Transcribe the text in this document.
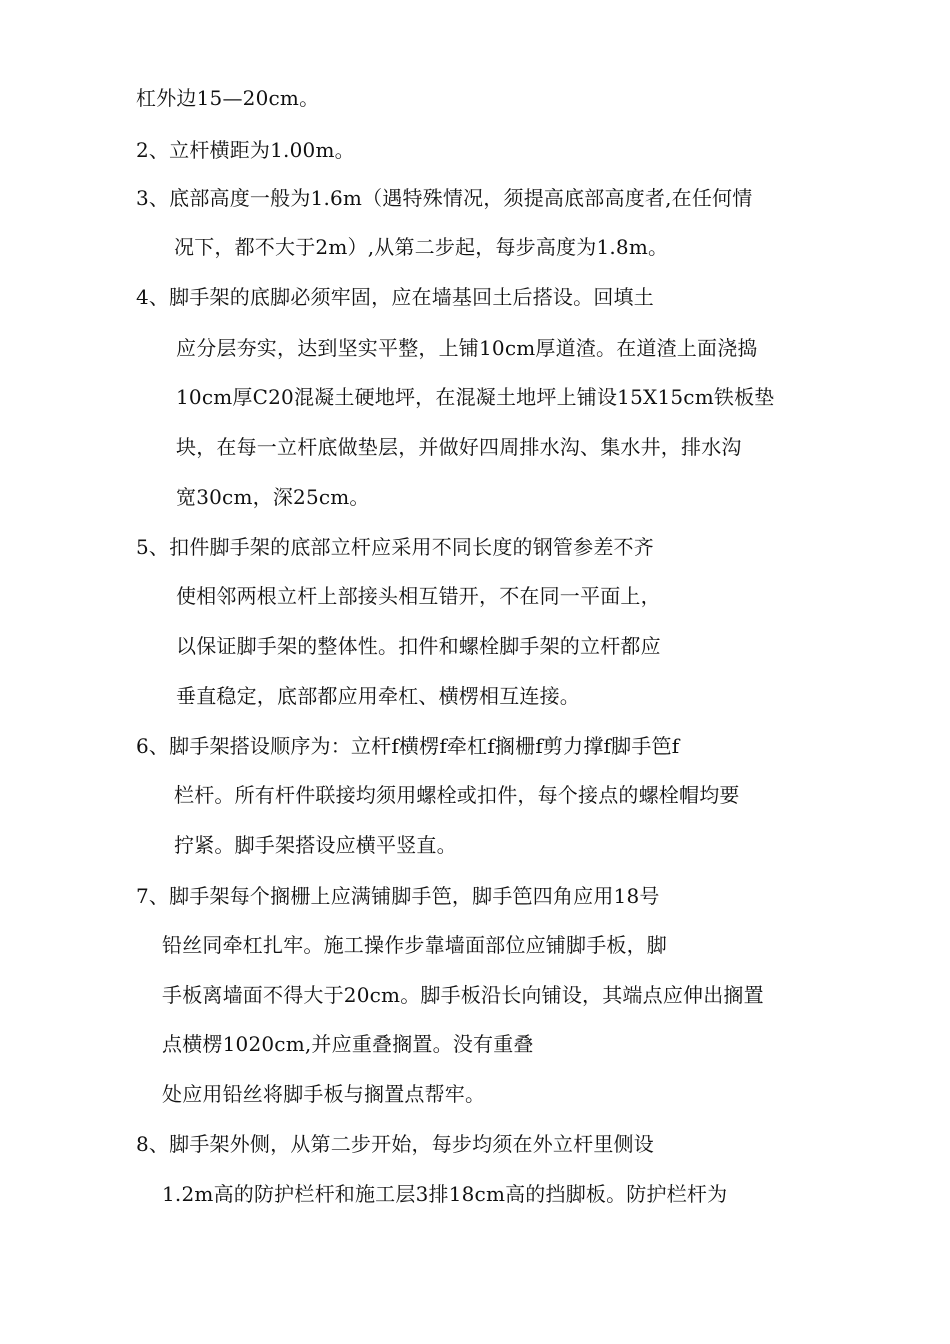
杠外边15—20cm。
2、立杆横距为1.00m。
3、底部高度一般为1.6m（遇特殊情况，须提高底部高度者,在任何情
况下，都不大于2m）,从第二步起，每步高度为1.8m。
4、脚手架的底脚必须牢固，应在墙基回土后搭设。回填土
应分层夯实，达到坚实平整，上铺10cm厚道渣。在道渣上面浇捣
10cm厚C20混凝土硬地坪，在混凝土地坪上铺设15X15cm铁板垫
块，在每一立杆底做垫层，并做好四周排水沟、集水井，排水沟
宽30cm，深25cm。
5、扣件脚手架的底部立杆应采用不同长度的钢管参差不齐
使相邻两根立杆上部接头相互错开，不在同一平面上，
以保证脚手架的整体性。扣件和螺栓脚手架的立杆都应
垂直稳定，底部都应用牵杠、横楞相互连接。
6、脚手架搭设顺序为：立杆f横楞f牵杠f搁栅f剪力撑f脚手笆f
栏杆。所有杆件联接均须用螺栓或扣件，每个接点的螺栓帽均要
拧紧。脚手架搭设应横平竖直。
7、脚手架每个搁栅上应满铺脚手笆，脚手笆四角应用18号
铅丝同牵杠扎牢。施工操作步靠墙面部位应铺脚手板，脚
手板离墙面不得大于20cm。脚手板沿长向铺设，其端点应伸出搁置
点横楞1020cm,并应重叠搁置。没有重叠
处应用铅丝将脚手板与搁置点帮牢。
8、脚手架外侧，从第二步开始，每步均须在外立杆里侧设
1.2m高的防护栏杆和施工层3排18cm高的挡脚板。防护栏杆为
